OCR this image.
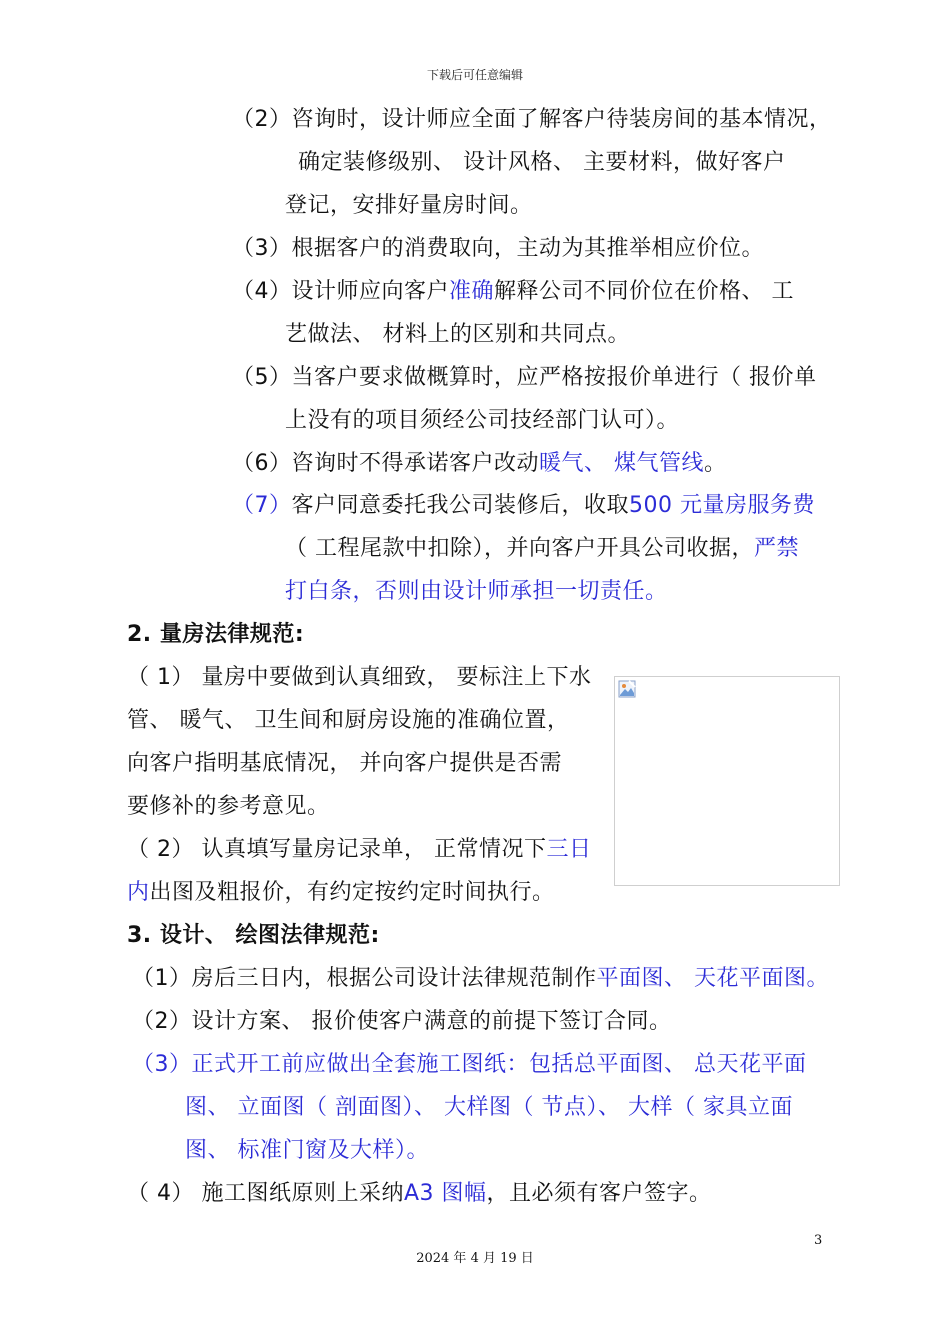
下载后可任意编辑
（2）咨询时，设计师应全面了解客户待装房间的基本情况，
确定装修级别、 设计风格、 主要材料，做好客户
登记，安排好量房时间。
（3）根据客户的消费取向，主动为其推举相应价位。
（4）设计师应向客户准确解释公司不同价位在价格、 工
艺做法、 材料上的区别和共同点。
（5）当客户要求做概算时，应严格按报价单进行（ 报价单
上没有的项目须经公司技经部门认可）。
（6）咨询时不得承诺客户改动暖气、 煤气管线。
（7）客户同意委托我公司装修后，收取500 元量房服务费
（ 工程尾款中扣除），并向客户开具公司收据，严禁
打白条，否则由设计师承担一切责任。
2. 量房法律规范:
（ 1） 量房中要做到认真细致， 要标注上下水
管、 暖气、 卫生间和厨房设施的准确位置，
向客户指明基底情况， 并向客户提供是否需
要修补的参考意见。
（ 2） 认真填写量房记录单， 正常情况下三日
内出图及粗报价，有约定按约定时间执行。
3. 设计、 绘图法律规范:
（1）房后三日内，根据公司设计法律规范制作平面图、 天花平面图。
（2）设计方案、 报价使客户满意的前提下签订合同。
（3）正式开工前应做出全套施工图纸：包括总平面图、 总天花平面
图、 立面图（ 剖面图）、 大样图（ 节点）、 大样（ 家具立面
图、 标准门窗及大样）。
（ 4） 施工图纸原则上采纳A3 图幅，且必须有客户签字。
3
2024 年 4 月 19 日
